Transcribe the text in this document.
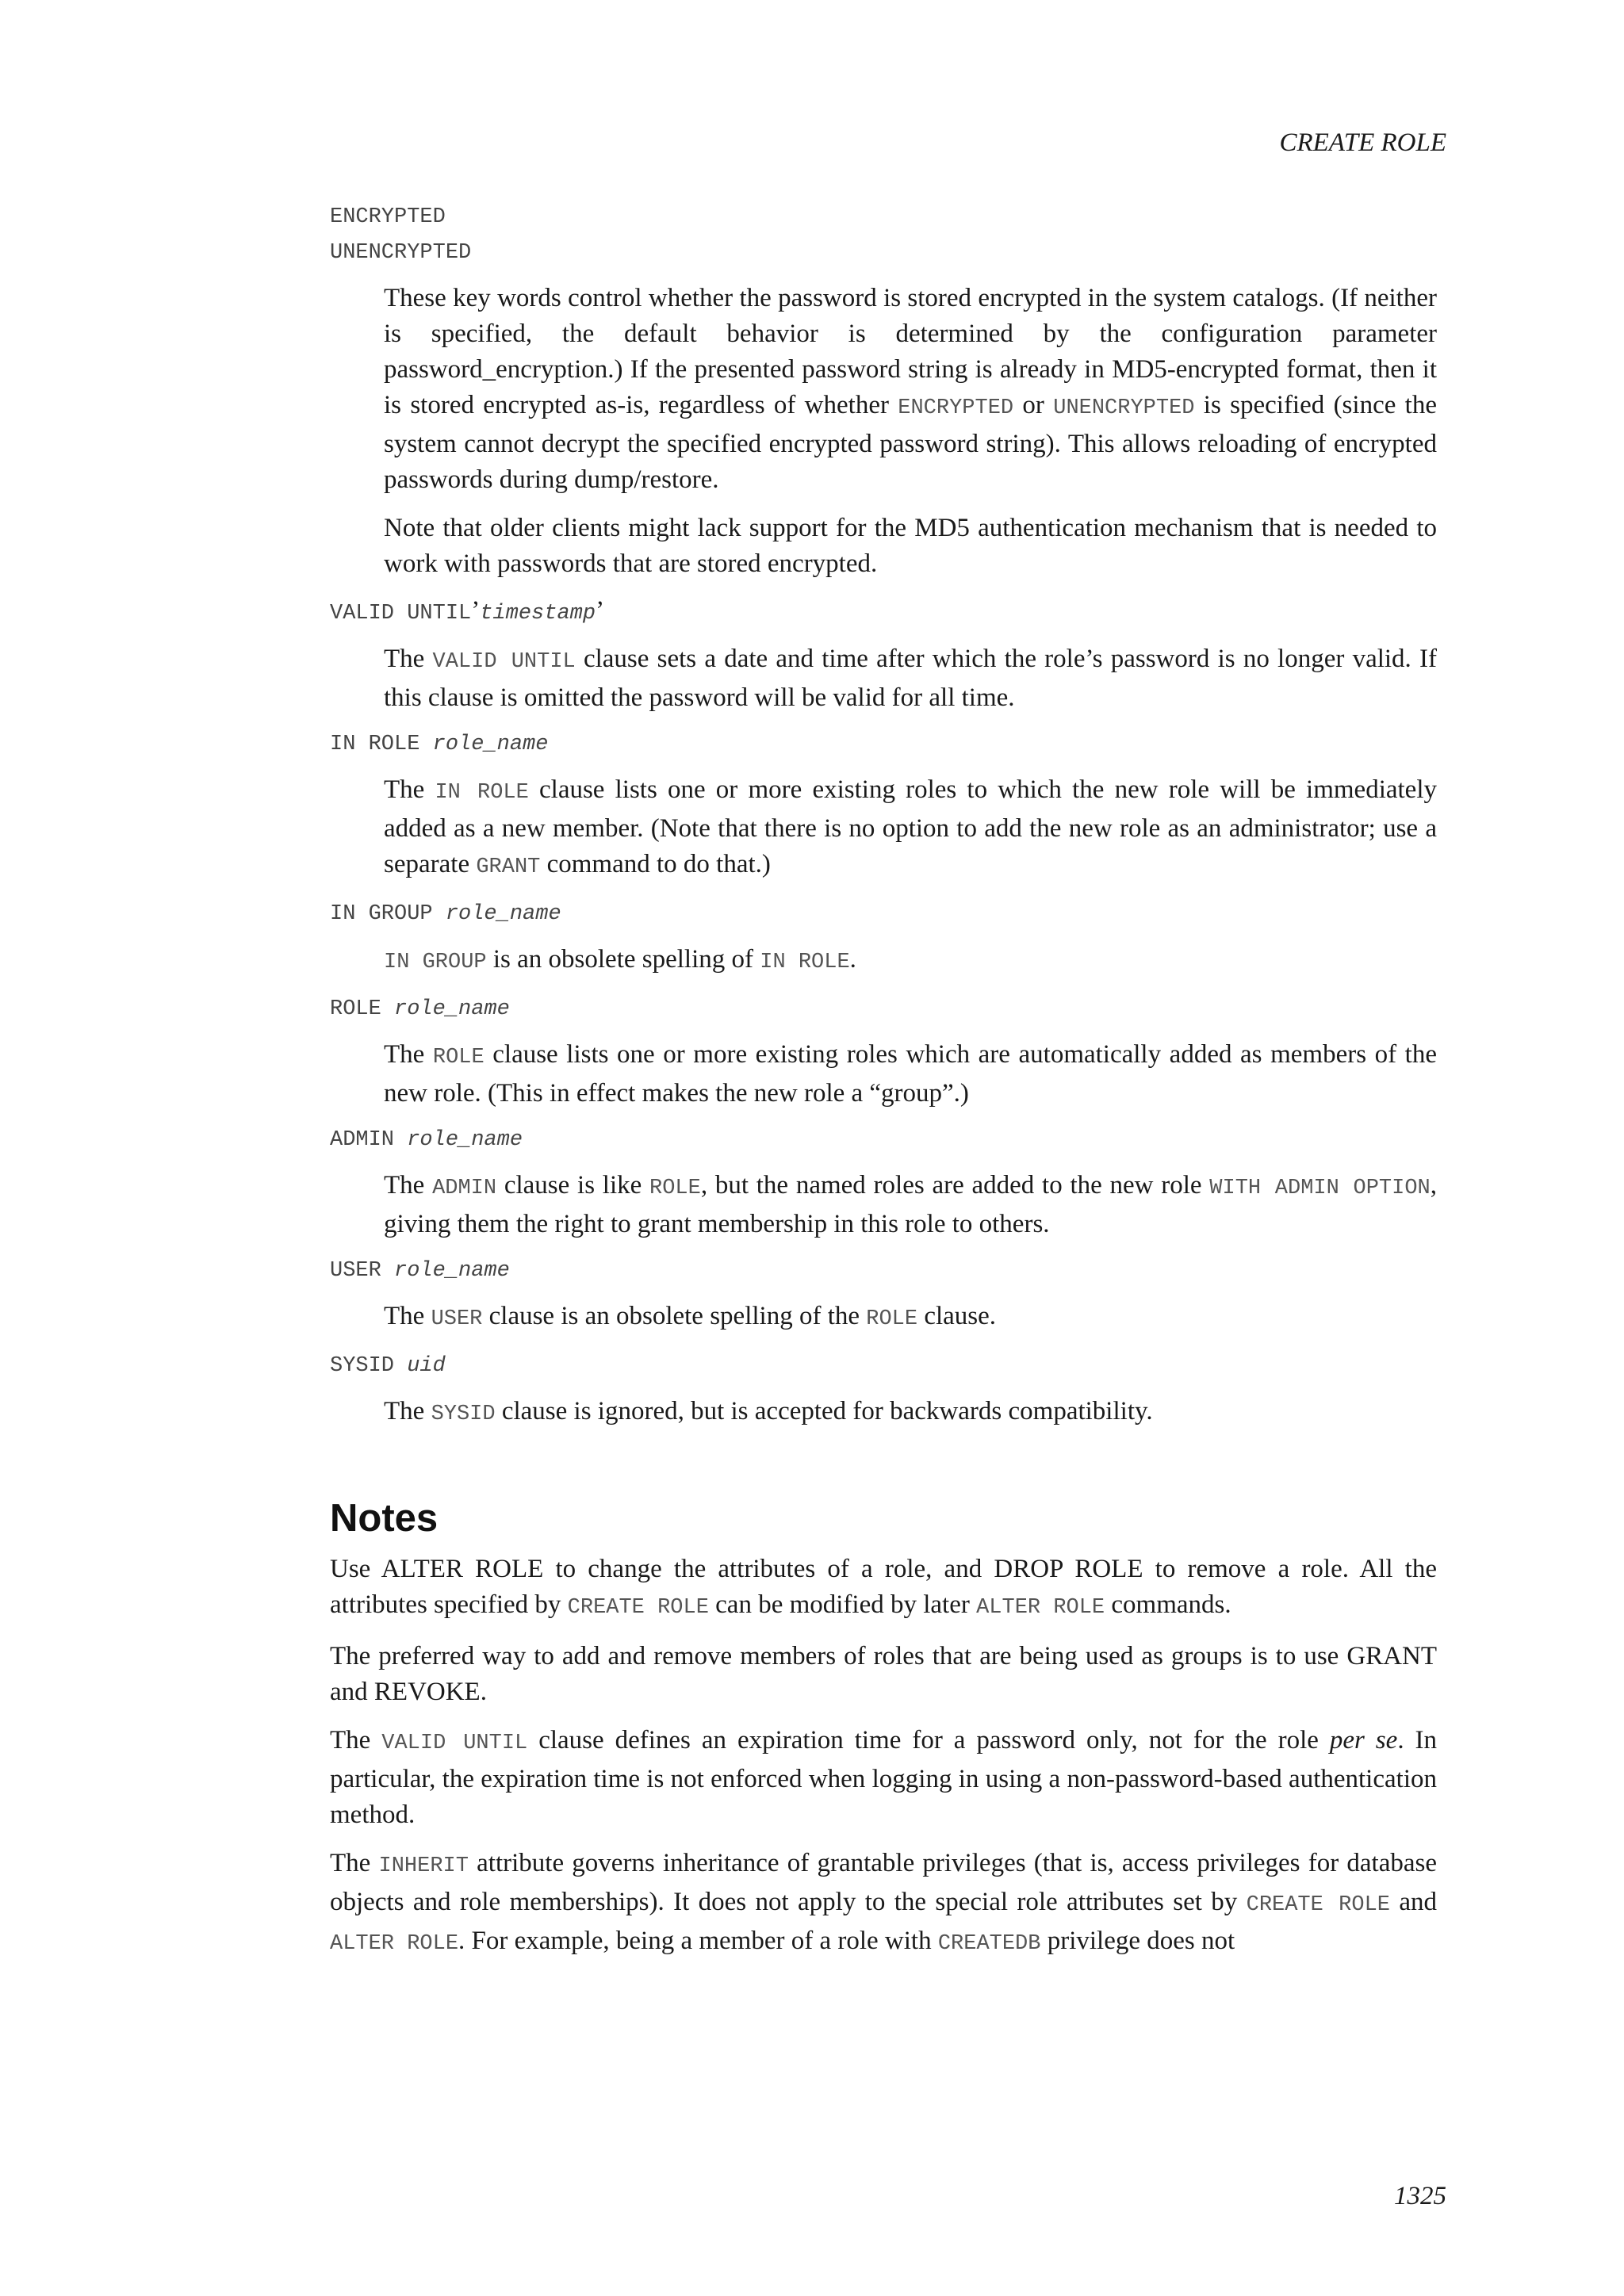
CREATE ROLE
ENCRYPTED
UNENCRYPTED

These key words control whether the password is stored encrypted in the system catalogs. (If neither is specified, the default behavior is determined by the configuration parameter password_encryption.) If the presented password string is already in MD5-encrypted format, then it is stored encrypted as-is, regardless of whether ENCRYPTED or UNENCRYPTED is specified (since the system cannot decrypt the specified encrypted password string). This allows reloading of encrypted passwords during dump/restore.

Note that older clients might lack support for the MD5 authentication mechanism that is needed to work with passwords that are stored encrypted.

VALID UNTIL’timestamp’

The VALID UNTIL clause sets a date and time after which the role’s password is no longer valid. If this clause is omitted the password will be valid for all time.

IN ROLE role_name

The IN ROLE clause lists one or more existing roles to which the new role will be immediately added as a new member. (Note that there is no option to add the new role as an administrator; use a separate GRANT command to do that.)

IN GROUP role_name

IN GROUP is an obsolete spelling of IN ROLE.

ROLE role_name

The ROLE clause lists one or more existing roles which are automatically added as members of the new role. (This in effect makes the new role a “group”.)

ADMIN role_name

The ADMIN clause is like ROLE, but the named roles are added to the new role WITH ADMIN OPTION, giving them the right to grant membership in this role to others.

USER role_name

The USER clause is an obsolete spelling of the ROLE clause.

SYSID uid

The SYSID clause is ignored, but is accepted for backwards compatibility.

Notes

Use ALTER ROLE to change the attributes of a role, and DROP ROLE to remove a role. All the attributes specified by CREATE ROLE can be modified by later ALTER ROLE commands.

The preferred way to add and remove members of roles that are being used as groups is to use GRANT and REVOKE.

The VALID UNTIL clause defines an expiration time for a password only, not for the role per se. In particular, the expiration time is not enforced when logging in using a non-password-based authentication method.

The INHERIT attribute governs inheritance of grantable privileges (that is, access privileges for database objects and role memberships). It does not apply to the special role attributes set by CREATE ROLE and ALTER ROLE. For example, being a member of a role with CREATEDB privilege does not

1325
